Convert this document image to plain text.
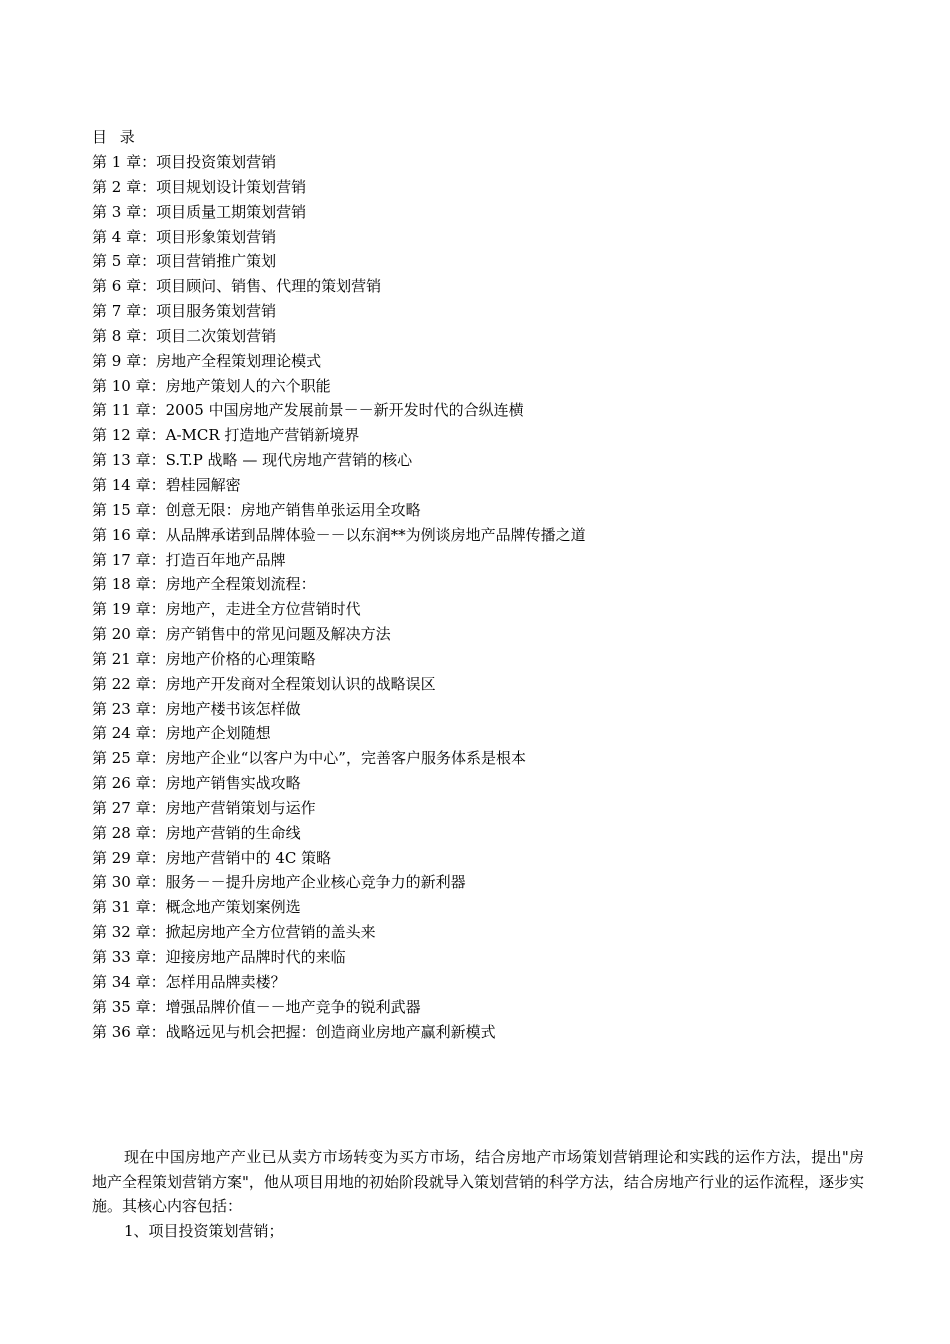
目 录
第 1 章：项目投资策划营销
第 2 章：项目规划设计策划营销
第 3 章：项目质量工期策划营销
第 4 章：项目形象策划营销
第 5 章：项目营销推广策划
第 6 章：项目顾问、销售、代理的策划营销
第 7 章：项目服务策划营销
第 8 章：项目二次策划营销
第 9 章：房地产全程策划理论模式
第 10 章：房地产策划人的六个职能
第 11 章：2005 中国房地产发展前景－－新开发时代的合纵连横
第 12 章：A-MCR 打造地产营销新境界
第 13 章：S.T.P 战略 — 现代房地产营销的核心
第 14 章：碧桂园解密
第 15 章：创意无限：房地产销售单张运用全攻略
第 16 章：从品牌承诺到品牌体验－－以东润**为例谈房地产品牌传播之道
第 17 章：打造百年地产品牌
第 18 章：房地产全程策划流程：
第 19 章：房地产，走进全方位营销时代
第 20 章：房产销售中的常见问题及解决方法
第 21 章：房地产价格的心理策略
第 22 章：房地产开发商对全程策划认识的战略误区
第 23 章：房地产楼书该怎样做
第 24 章：房地产企划随想
第 25 章：房地产企业“以客户为中心”，完善客户服务体系是根本
第 26 章：房地产销售实战攻略
第 27 章：房地产营销策划与运作
第 28 章：房地产营销的生命线
第 29 章：房地产营销中的 4C 策略
第 30 章：服务－－提升房地产企业核心竞争力的新利器
第 31 章：概念地产策划案例选
第 32 章：掀起房地产全方位营销的盖头来
第 33 章：迎接房地产品牌时代的来临
第 34 章：怎样用品牌卖楼？
第 35 章：增强品牌价值－－地产竞争的锐利武器
第 36 章：战略远见与机会把握：创造商业房地产赢利新模式

现在中国房地产产业已从卖方市场转变为买方市场，结合房地产市场策划营销理论和实践的运作方法，提出"房地产全程策划营销方案"，他从项目用地的初始阶段就导入策划营销的科学方法，结合房地产行业的运作流程，逐步实施。其核心内容包括：

1、项目投资策划营销；
